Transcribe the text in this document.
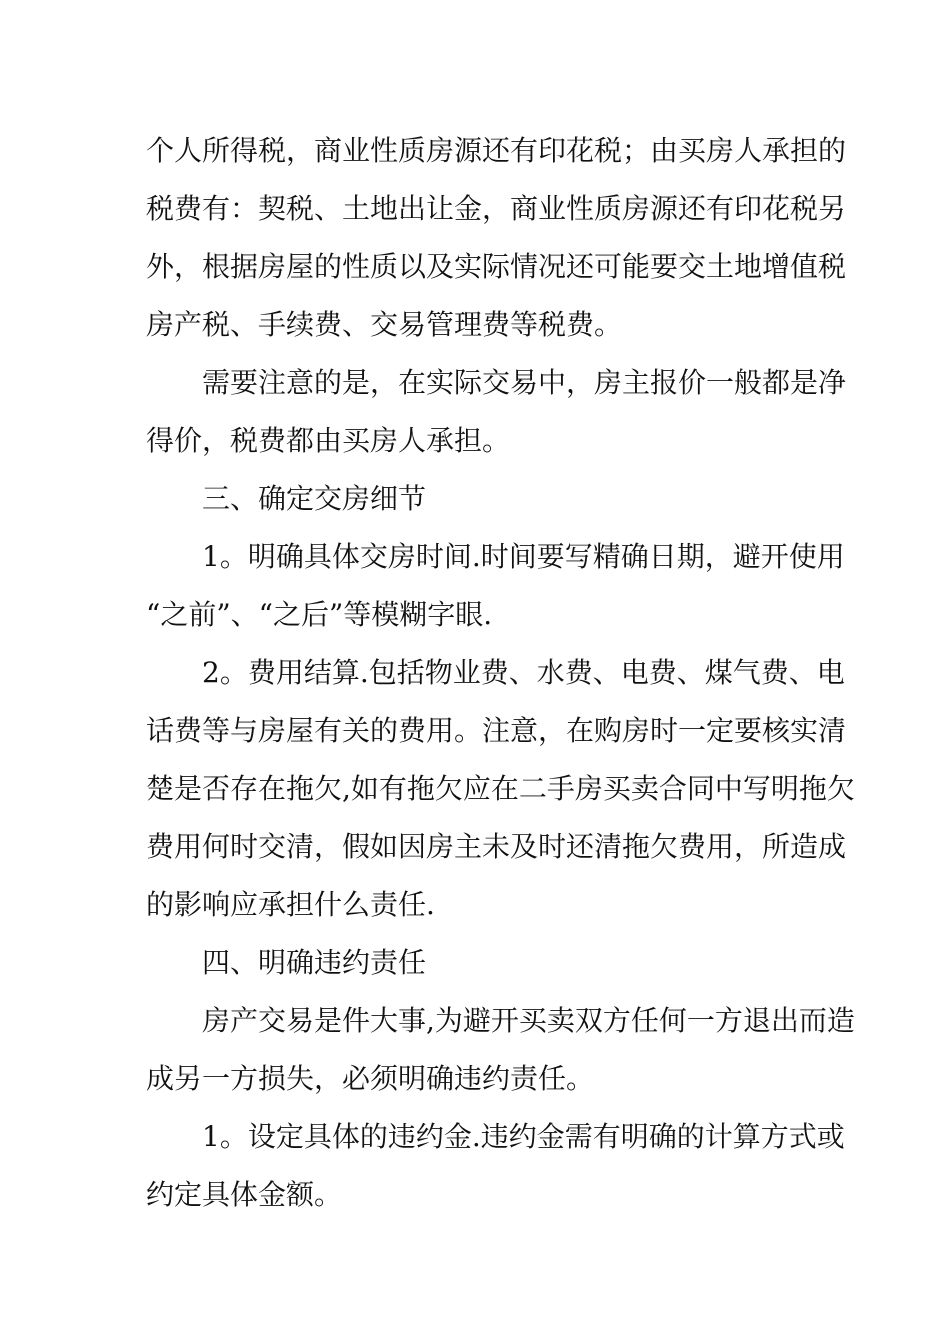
个人所得税，商业性质房源还有印花税；由买房人承担的
税费有：契税、土地出让金，商业性质房源还有印花税另
外，根据房屋的性质以及实际情况还可能要交土地增值税
房产税、手续费、交易管理费等税费。
需要注意的是，在实际交易中，房主报价一般都是净
得价，税费都由买房人承担。
三、确定交房细节
1。明确具体交房时间.时间要写精确日期，避开使用
“之前”、“之后”等模糊字眼.
2。费用结算.包括物业费、水费、电费、煤气费、电
话费等与房屋有关的费用。注意，在购房时一定要核实清
楚是否存在拖欠,如有拖欠应在二手房买卖合同中写明拖欠
费用何时交清，假如因房主未及时还清拖欠费用，所造成
的影响应承担什么责任.
四、明确违约责任
房产交易是件大事,为避开买卖双方任何一方退出而造
成另一方损失，必须明确违约责任。
1。设定具体的违约金.违约金需有明确的计算方式或
约定具体金额。
